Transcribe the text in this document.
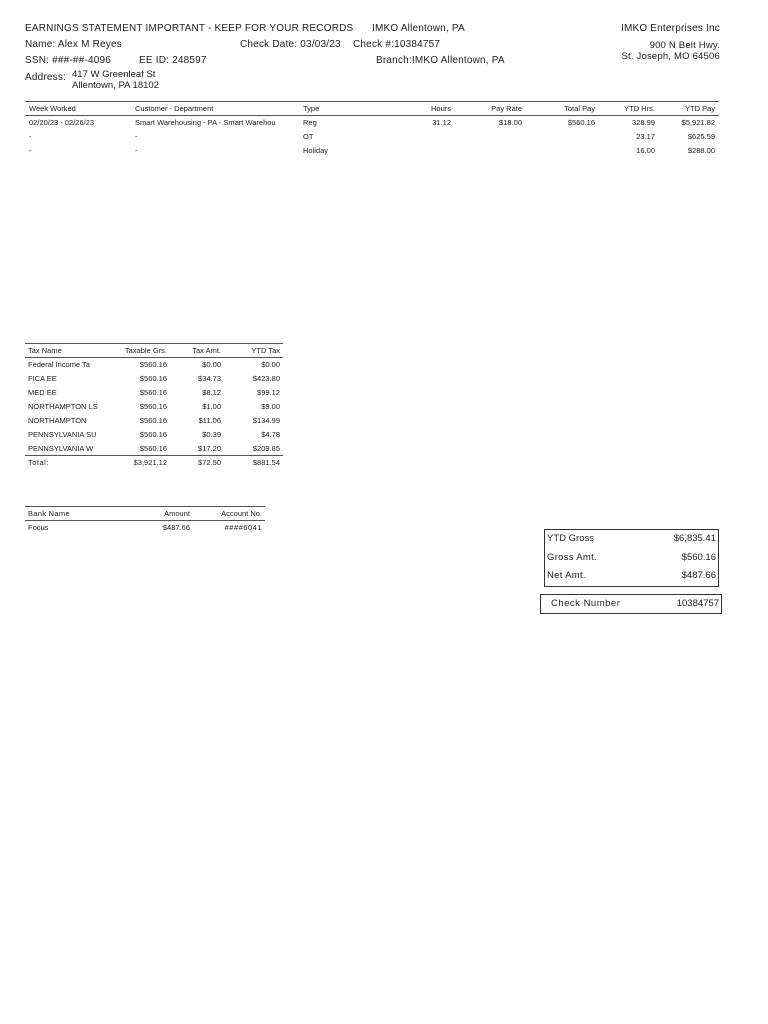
EARNINGS STATEMENT IMPORTANT - KEEP FOR YOUR RECORDS IMKO Allentown, PA	IMKO Enterprises Inc
Name: Alex M Reyes	Check Date: 03/03/23 Check #:10384757	900 N Belt Hwy.
SSN: ###-##-4096	EE ID: 248597	St. Joseph, MO 64506
Branch:IMKO Allentown, PA
Address: 417 W Greenleaf St
Allentown, PA 18102
Week Worked	Customer - Department	Type	Hours	Pay Rate	Total Pay	YTD Hrs.	YTD Pay
02/20/23 - 02/26/23	Smart Warehousing - PA - Smart Warehou	Reg	31.12	$18.00	$560.16	328.99	$5,921.82
-	-	OT				23.17	$625.59
-	-	Holiday				16.00	$288.00
Tax Name	Taxable Grs.	Tax Amt.	YTD Tax
Federal Income Ta	$560.16	$0.00	$0.00
FICA EE	$560.16	$34.73	$423.80
MED EE	$560.16	$8.12	$99.12
NORTHAMPTON LS	$560.16	$1.00	$9.00
NORTHAMPTON	$560.16	$11.06	$134.99
PENNSYLVANIA SU	$560.16	$0.39	$4.78
PENNSYLVANIA W	$560.16	$17.20	$209.85
Total:	$3,921.12	$72.50	$881.54
Bank Name	Amount	Account No.
Focus	$487.66	####6041
YTD Gross	$6,835.41
Gross Amt.	$560.16
Net Amt.	$487.66
Check Number	10384757
